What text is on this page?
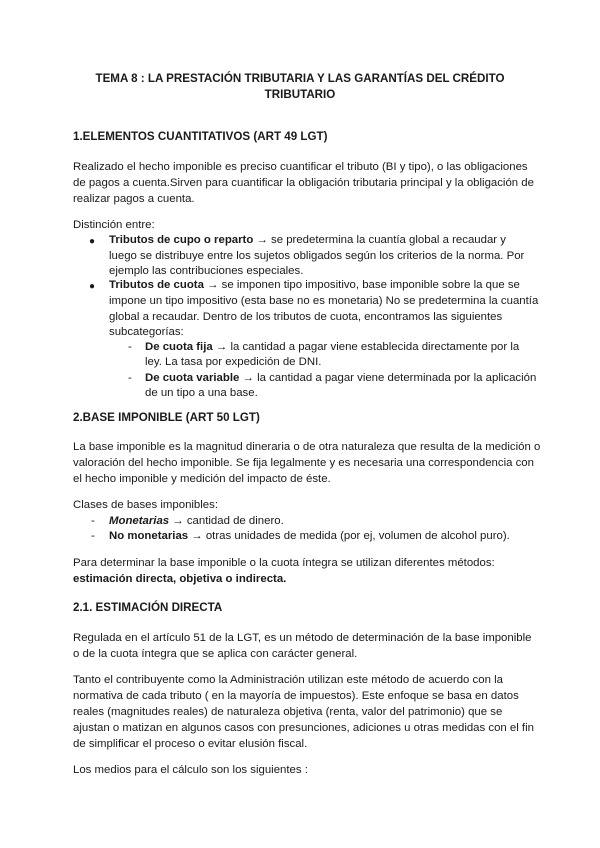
TEMA 8 : LA PRESTACIÓN TRIBUTARIA Y LAS GARANTÍAS DEL CRÉDITO
TRIBUTARIO
1.ELEMENTOS CUANTITATIVOS (ART 49 LGT)
Realizado el hecho imponible es preciso cuantificar el tributo (BI y tipo), o las obligaciones
de pagos a cuenta.Sirven para cuantificar la obligación tributaria principal y la obligación de
realizar pagos a cuenta.
Distinción entre:
● Tributos de cupo o reparto → se predetermina la cuantía global a recaudar y
luego se distribuye entre los sujetos obligados según los criterios de la norma. Por
ejemplo las contribuciones especiales.
● Tributos de cuota → se imponen tipo impositivo, base imponible sobre la que se
impone un tipo impositivo (esta base no es monetaria) No se predetermina la cuantía
global a recaudar. Dentro de los tributos de cuota, encontramos las siguientes
subcategorías:
- De cuota fija → la cantidad a pagar viene establecida directamente por la
ley. La tasa por expedición de DNI.
- De cuota variable → la cantidad a pagar viene determinada por la aplicación
de un tipo a una base.
2.BASE IMPONIBLE (ART 50 LGT)
La base imponible es la magnitud dineraria o de otra naturaleza que resulta de la medición o
valoración del hecho imponible. Se fija legalmente y es necesaria una correspondencia con
el hecho imponible y medición del impacto de éste.
Clases de bases imponibles:
- Monetarias → cantidad de dinero.
- No monetarias → otras unidades de medida (por ej, volumen de alcohol puro).
Para determinar la base imponible o la cuota íntegra se utilizan diferentes métodos:
estimación directa, objetiva o indirecta.
2.1. ESTIMACIÓN DIRECTA
Regulada en el artículo 51 de la LGT, es un método de determinación de la base imponible
o de la cuota íntegra que se aplica con carácter general.
Tanto el contribuyente como la Administración utilizan este método de acuerdo con la
normativa de cada tributo ( en la mayoría de impuestos). Este enfoque se basa en datos
reales (magnitudes reales) de naturaleza objetiva (renta, valor del patrimonio) que se
ajustan o matizan en algunos casos con presunciones, adiciones u otras medidas con el fin
de simplificar el proceso o evitar elusión fiscal.
Los medios para el cálculo son los siguientes :
